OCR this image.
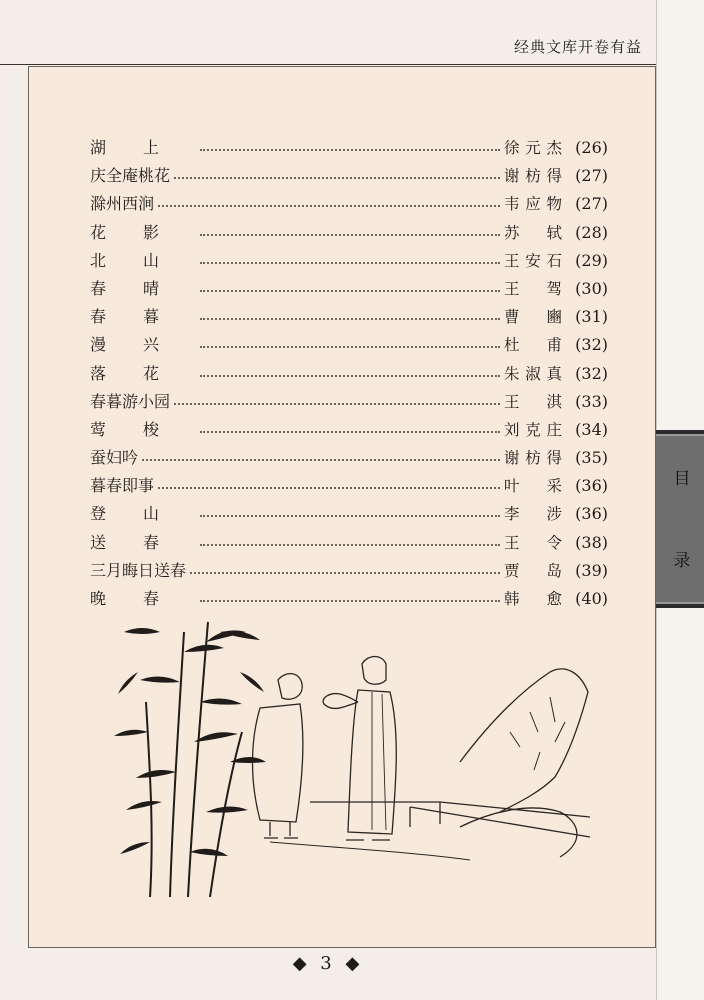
经典文库开卷有益
湖上	徐元杰 (26)
庆全庵桃花	谢枋得 (27)
滁州西涧	韦应物 (27)
花影	苏轼 (28)
北山	王安石 (29)
春晴	王驾 (30)
春暮	曹豳 (31)
漫兴	杜甫 (32)
落花	朱淑真 (32)
春暮游小园	王淇 (33)
莺梭	刘克庄 (34)
蚕妇吟	谢枋得 (35)
暮春即事	叶采 (36)
登山	李涉 (36)
送春	王令 (38)
三月晦日送春	贾岛 (39)
晚春	韩愈 (40)
目
录
◆ 3 ◆
